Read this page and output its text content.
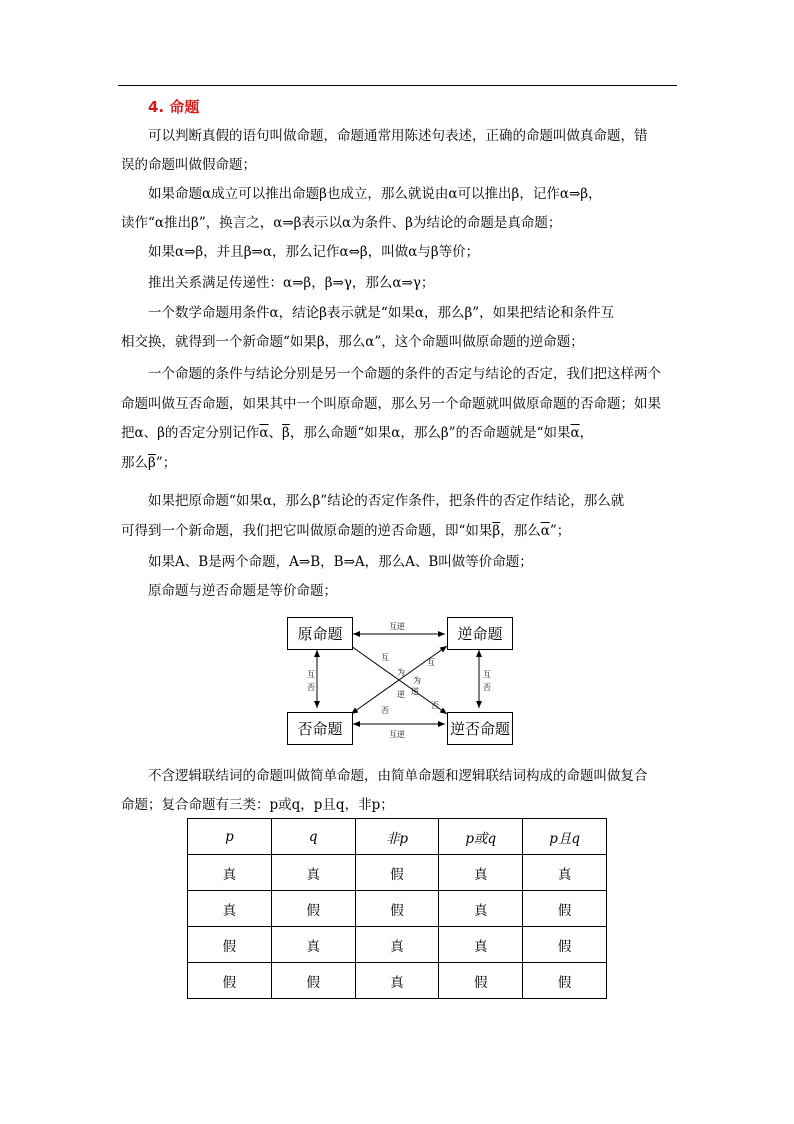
4. 命题
可以判断真假的语句叫做命题，命题通常用陈述句表述，正确的命题叫做真命题，错
误的命题叫做假命题；
如果命题α成立可以推出命题β也成立，那么就说由α可以推出β，记作α⇒β，
读作“α推出β”，换言之，α⇒β表示以α为条件、β为结论的命题是真命题；
如果α⇒β，并且β⇒α，那么记作α⇔β，叫做α与β等价；
推出关系满足传递性：α⇒β，β⇒γ，那么α⇒γ；
一个数学命题用条件α，结论β表示就是“如果α，那么β”，如果把结论和条件互
相交换，就得到一个新命题“如果β，那么α”，这个命题叫做原命题的逆命题；
一个命题的条件与结论分别是另一个命题的条件的否定与结论的否定，我们把这样两个
命题叫做互否命题，如果其中一个叫原命题，那么另一个命题就叫做原命题的否命题；如果
把α、β的否定分别记作$\overline{\alpha}$、$\overline{\beta}$，那么命题“如果α，那么β”的否命题就是“如果$\overline{\alpha}$，
那么$\overline{\beta}$”；
如果把原命题“如果α，那么β”结论的否定作条件，把条件的否定作结论，那么就
可得到一个新命题，我们把它叫做原命题的逆否命题，即“如果$\overline{\beta}$，那么$\overline{\alpha}$”；
如果A、B是两个命题，A⇒B，B⇒A，那么A、B叫做等价命题；
原命题与逆否命题是等价命题；
原命题	逆命题
否命题	逆否命题
互逆
互逆
互
否
互
否
互
为
逆
否
互
为
逆
否
不含逻辑联结词的命题叫做简单命题，由简单命题和逻辑联结词构成的命题叫做复合
命题；复合命题有三类：p或q，p且q，非p；
p	q	非p	p或q	p且q
真	真	假	真	真
真	假	假	真	假
假	真	真	真	假
假	假	真	假	假
